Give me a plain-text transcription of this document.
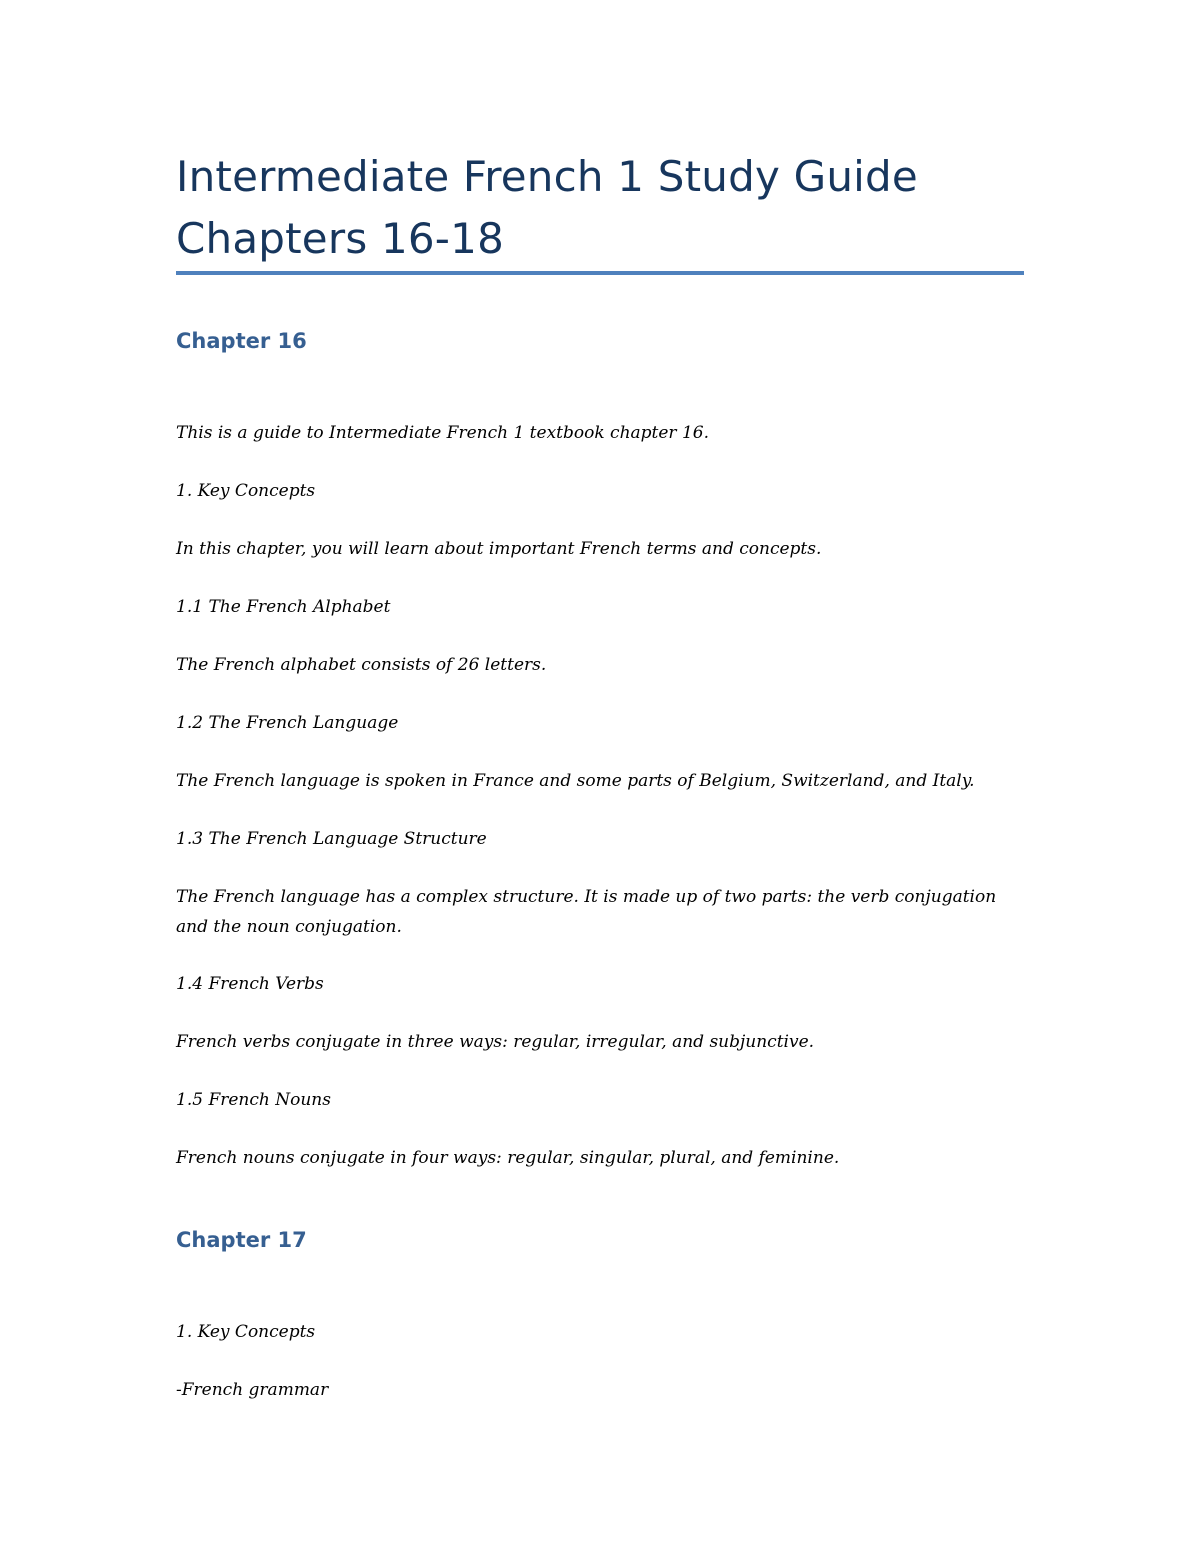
Intermediate French 1 Study Guide
Chapters 16-18
Chapter 16

This is a guide to Intermediate French 1 textbook chapter 16.

1. Key Concepts

In this chapter, you will learn about important French terms and concepts.

1.1 The French Alphabet

The French alphabet consists of 26 letters.

1.2 The French Language

The French language is spoken in France and some parts of Belgium, Switzerland, and Italy.

1.3 The French Language Structure

The French language has a complex structure. It is made up of two parts: the verb conjugation and the noun conjugation.

1.4 French Verbs

French verbs conjugate in three ways: regular, irregular, and subjunctive.

1.5 French Nouns

French nouns conjugate in four ways: regular, singular, plural, and feminine.

Chapter 17

1. Key Concepts

-French grammar
